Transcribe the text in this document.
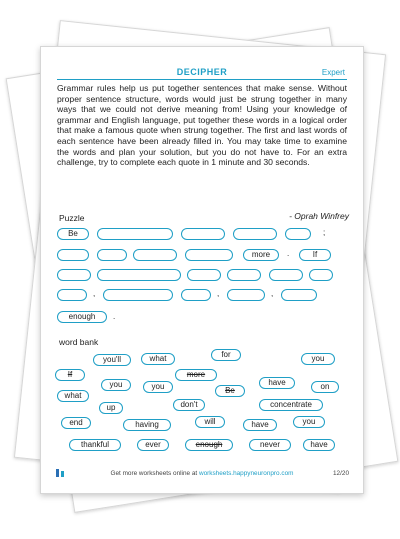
DECIPHER	Expert
Grammar rules help us put together sentences that make sense. Without proper sentence structure, words would just be strung together in many ways that we could not derive meaning from! Using your knowledge of grammar and English language, put together these words in a logical order that make a famous quote when strung together. The first and last words of each sentence have been already filled in. You may take time to examine the words and plan your solution, but you do not have to. For an extra challenge, try to complete each quote in 1 minute and 30 seconds.
Puzzle	- Oprah Winfrey
Be	;
more	.	If
,	,	,
enough	.
word bank
you'll	what	for	you
If	more
you	you	Be
have	on
what
up	don't	concentrate
end	having	will	have	you
thankful	ever	enough	never	have
Get more worksheets online at worksheets.happyneuronpro.com	12/20
